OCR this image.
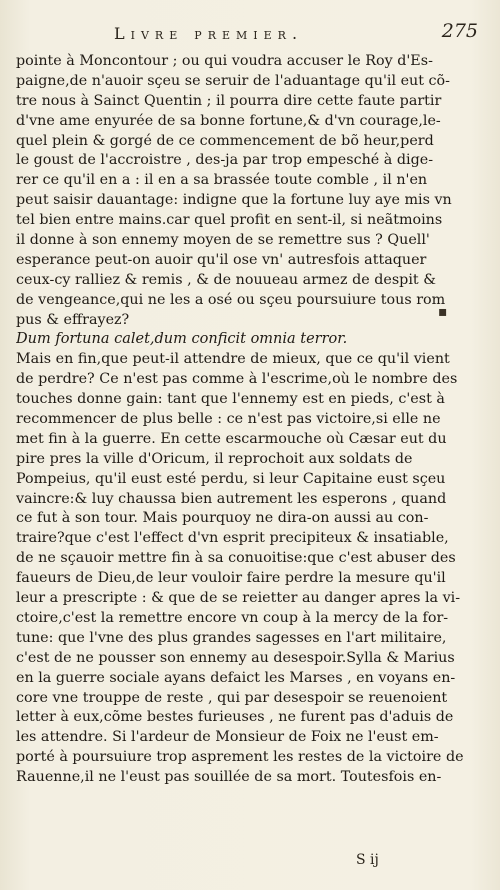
Livre premier.	275
pointe à Moncontour ; ou qui voudra accuser le Roy d'Es-
paigne,de n'auoir sçeu se seruir de l'aduantage qu'il eut cõ-
tre nous à Sainct Quentin ; il pourra dire cette faute partir
d'vne ame enyurée de sa bonne fortune,& d'vn courage,le-
quel plein & gorgé de ce commencement de bõ heur,perd
le goust de l'accroistre , des-ja par trop empesché à dige-
rer ce qu'il en a : il en a sa brassée toute comble , il n'en
peut saisir dauantage: indigne que la fortune luy aye mis vn
tel bien entre mains.car quel profit en sent-il, si neãtmoins
il donne à son ennemy moyen de se remettre sus ? Quell'
esperance peut-on auoir qu'il ose vn' autresfois attaquer
ceux-cy ralliez & remis , & de nouueau armez de despit &
de vengeance,qui ne les a osé ou sçeu poursuiure tous rom
pus & effrayez?
Dum fortuna calet,dum conficit omnia terror.
Mais en fin,que peut-il attendre de mieux, que ce qu'il vient
de perdre? Ce n'est pas comme à l'escrime,où le nombre des
touches donne gain: tant que l'ennemy est en pieds, c'est à
recommencer de plus belle : ce n'est pas victoire,si elle ne
met fin à la guerre. En cette escarmouche où Cæsar eut du
pire pres la ville d'Oricum, il reprochoit aux soldats de
Pompeius, qu'il eust esté perdu, si leur Capitaine eust sçeu
vaincre:& luy chaussa bien autrement les esperons , quand
ce fut à son tour. Mais pourquoy ne dira-on aussi au con-
traire?que c'est l'effect d'vn esprit precipiteux & insatiable,
de ne sçauoir mettre fin à sa conuoitise:que c'est abuser des
faueurs de Dieu,de leur vouloir faire perdre la mesure qu'il
leur a prescripte : & que de se reietter au danger apres la vi-
ctoire,c'est la remettre encore vn coup à la mercy de la for-
tune: que l'vne des plus grandes sagesses en l'art militaire,
c'est de ne pousser son ennemy au desespoir.Sylla & Marius
en la guerre sociale ayans defaict les Marses , en voyans en-
core vne trouppe de reste , qui par desespoir se reuenoient
letter à eux,cõme bestes furieuses , ne furent pas d'aduis de
les attendre. Si l'ardeur de Monsieur de Foix ne l'eust em-
porté à poursuiure trop asprement les restes de la victoire de
Rauenne,il ne l'eust pas souillée de sa mort. Toutesfois en-
▪
S ij
